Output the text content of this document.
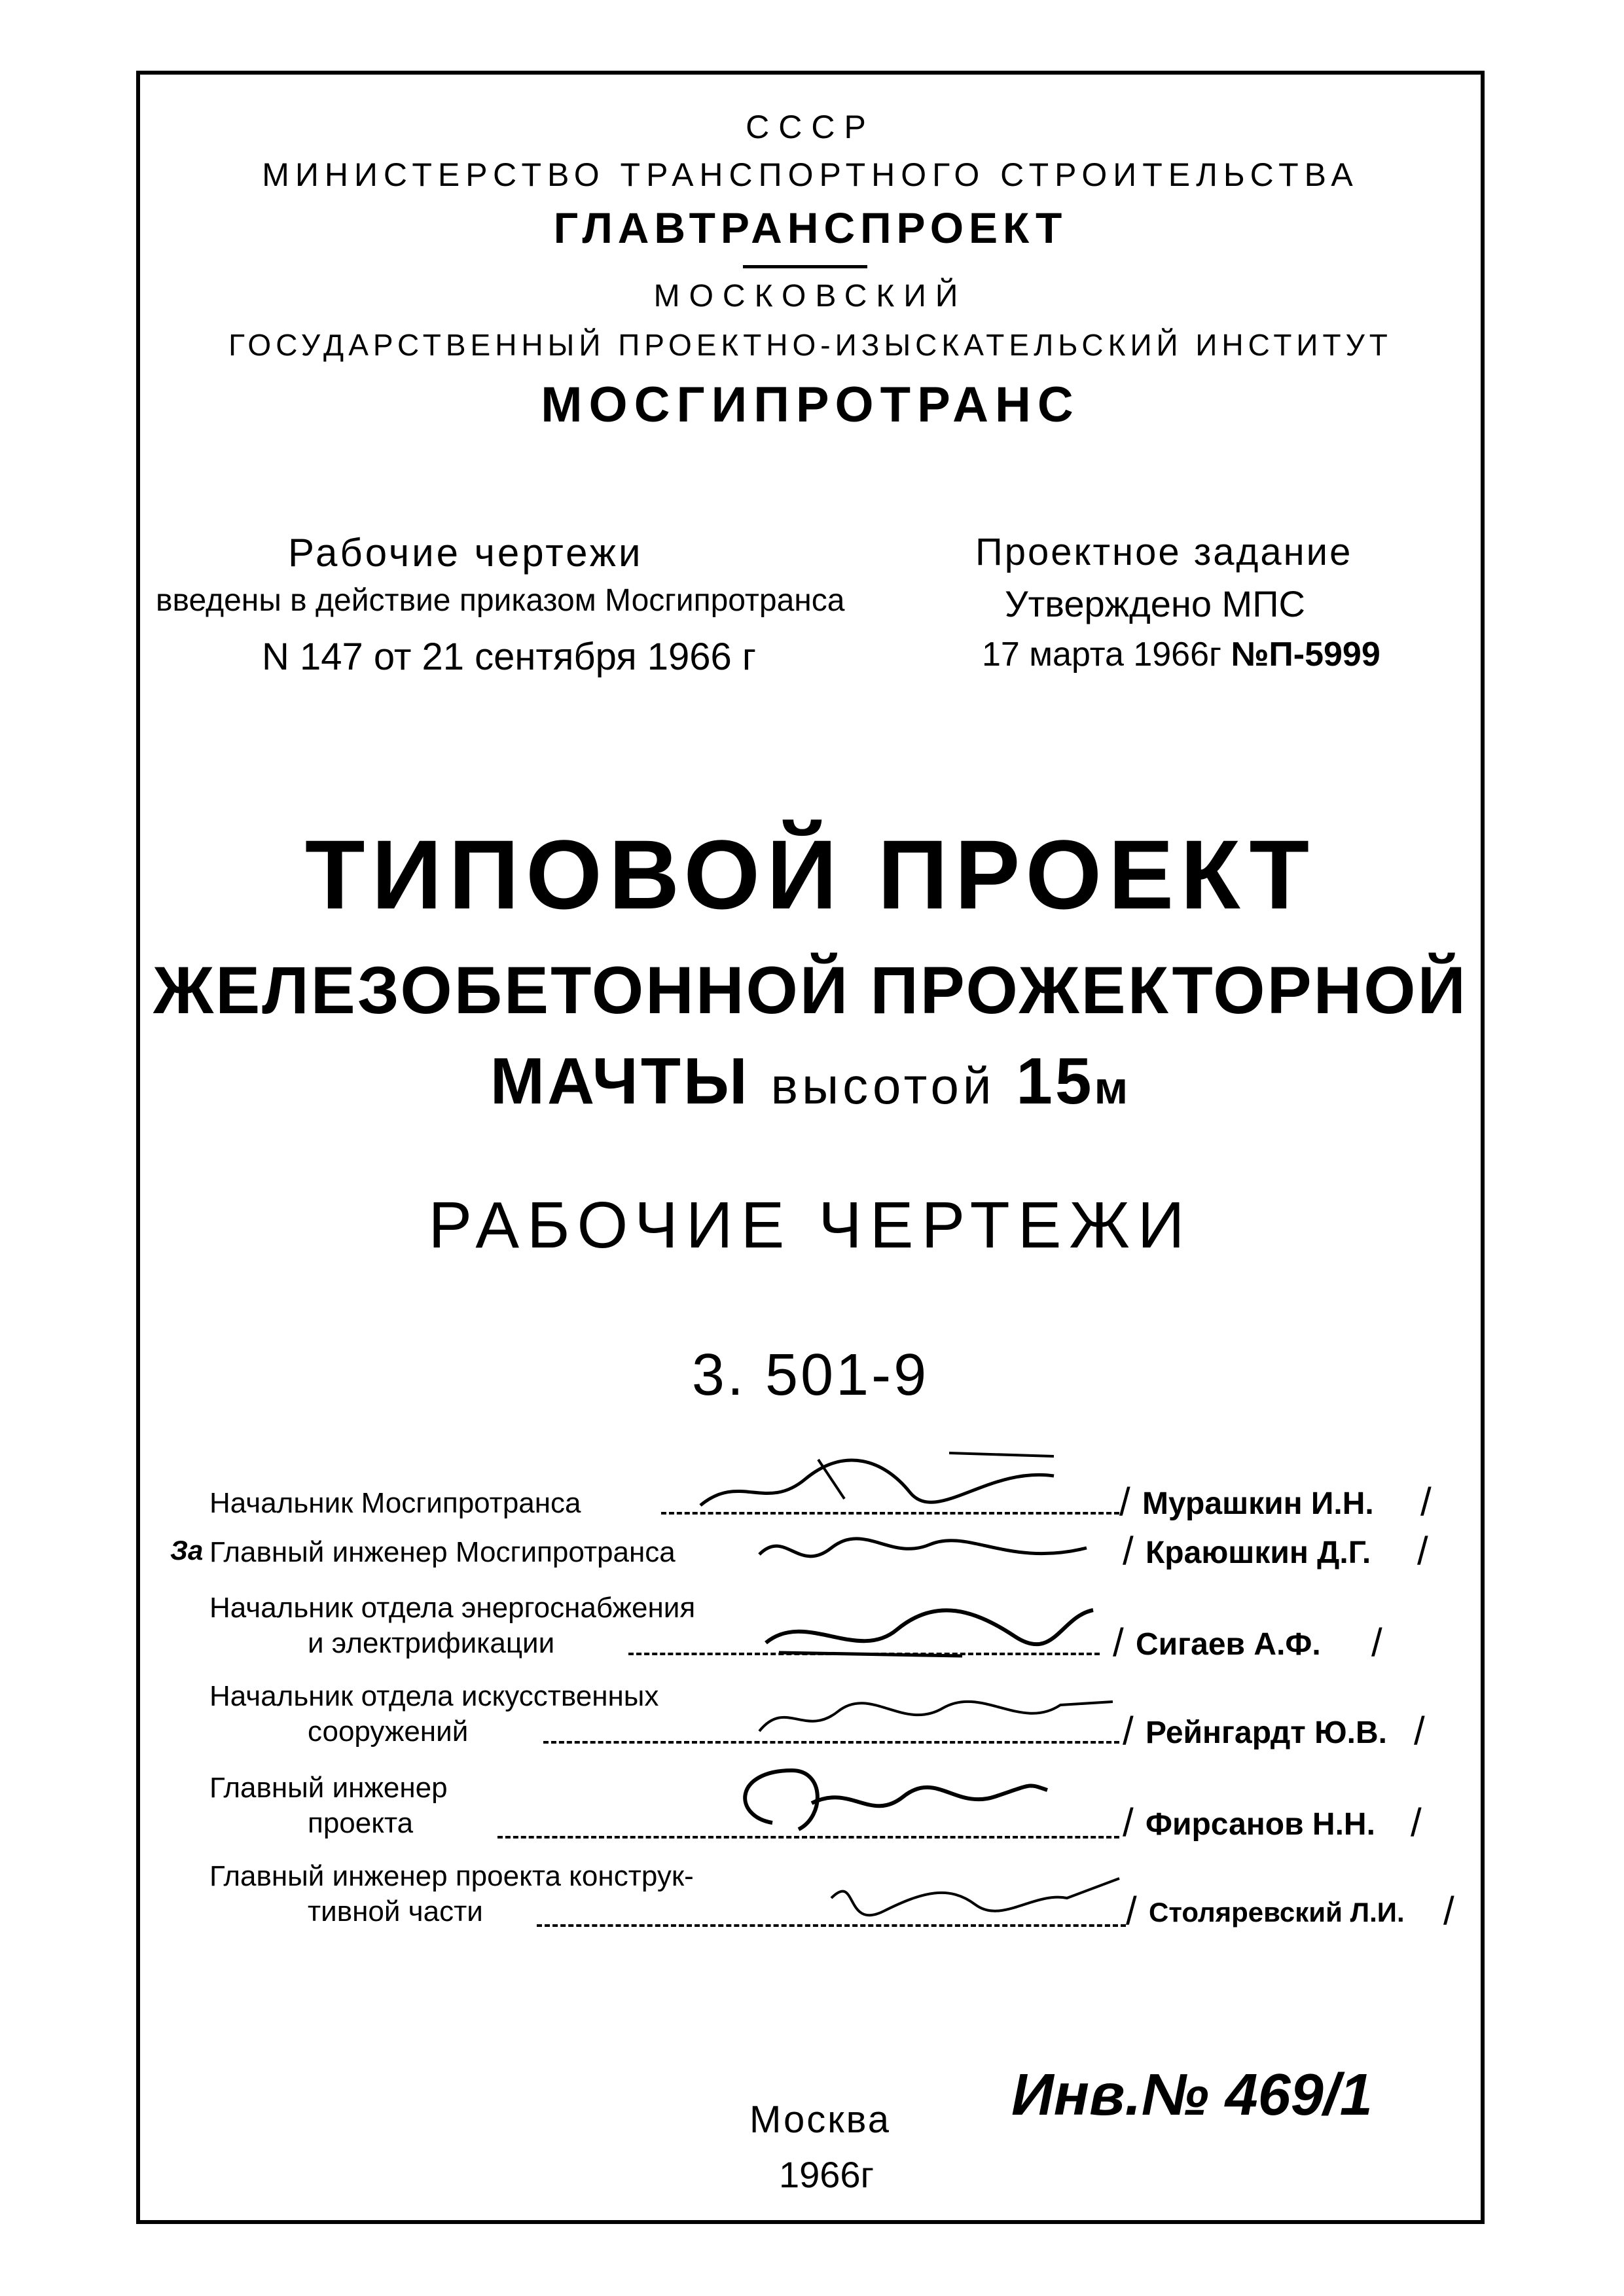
СССР
МИНИСТЕРСТВО ТРАНСПОРТНОГО СТРОИТЕЛЬСТВА
ГЛАВТРАНСПРОЕКТ
МОСКОВСКИЙ
ГОСУДАРСТВЕННЫЙ ПРОЕКТНО-ИЗЫСКАТЕЛЬСКИЙ ИНСТИТУТ
МОСГИПРОТРАНС
Рабочие чертежи
введены в действие приказом Мосгипротранса
N 147 от 21 сентября 1966 г
Проектное задание
Утверждено МПС
17 марта 1966г №П-5999
ТИПОВОЙ ПРОЕКТ
ЖЕЛЕЗОБЕТОННОЙ ПРОЖЕКТОРНОЙ
МАЧТЫ высотой 15м
РАБОЧИЕ ЧЕРТЕЖИ
3. 501-9
Начальник Мосгипротранса	/ Мурашкин И.Н. /
За Главный инженер Мосгипротранса	/ Краюшкин Д.Г. /
Начальник отдела энергоснабжения
и электрификации	/ Сигаев А.Ф. /
Начальник отдела искусственных
сооружений	/ Рейнгардт Ю.В. /
Главный инженер
проекта	/ Фирсанов Н.Н. /
Главный инженер проекта конструк-
тивной части	/ Столяревский Л.И. /
Москва
1966г
Инв.№ 469/1
